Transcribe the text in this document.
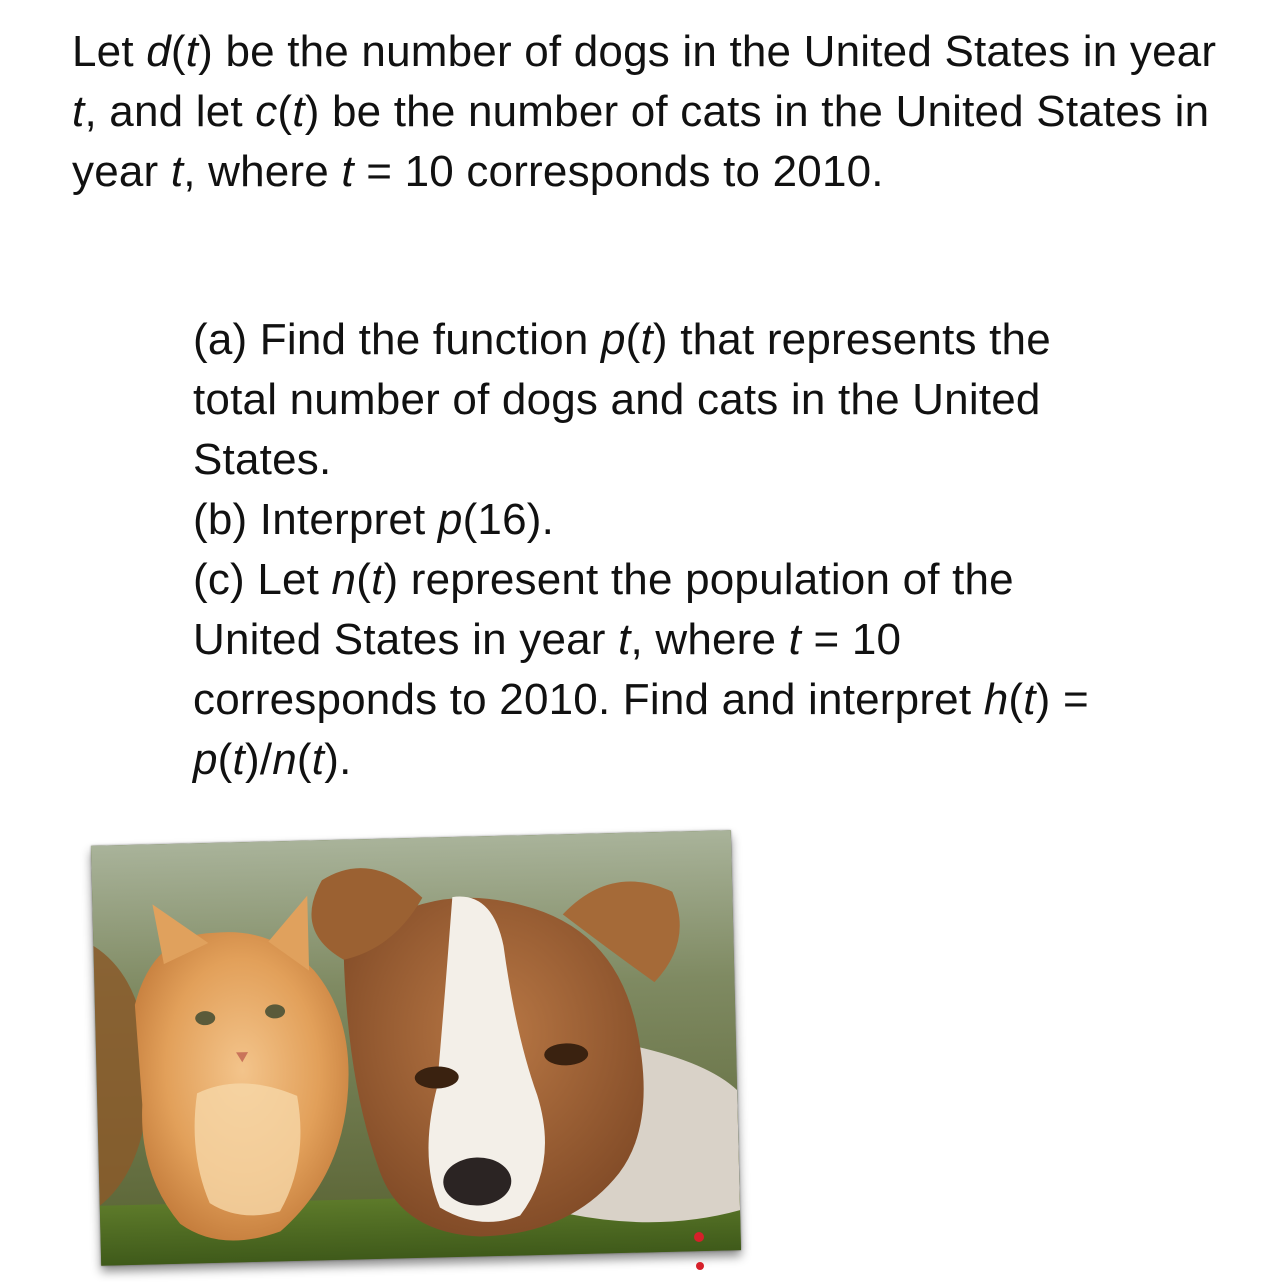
Let d(t) be the number of dogs in the United States in year t, and let c(t) be the number of cats in the United States in year t, where t = 10 corresponds to 2010.

(a) Find the function p(t) that represents the total number of dogs and cats in the United States.

(b) Interpret p(16).

(c) Let n(t) represent the population of the United States in year t, where t = 10 corresponds to 2010. Find and interpret h(t) = p(t)/n(t).
